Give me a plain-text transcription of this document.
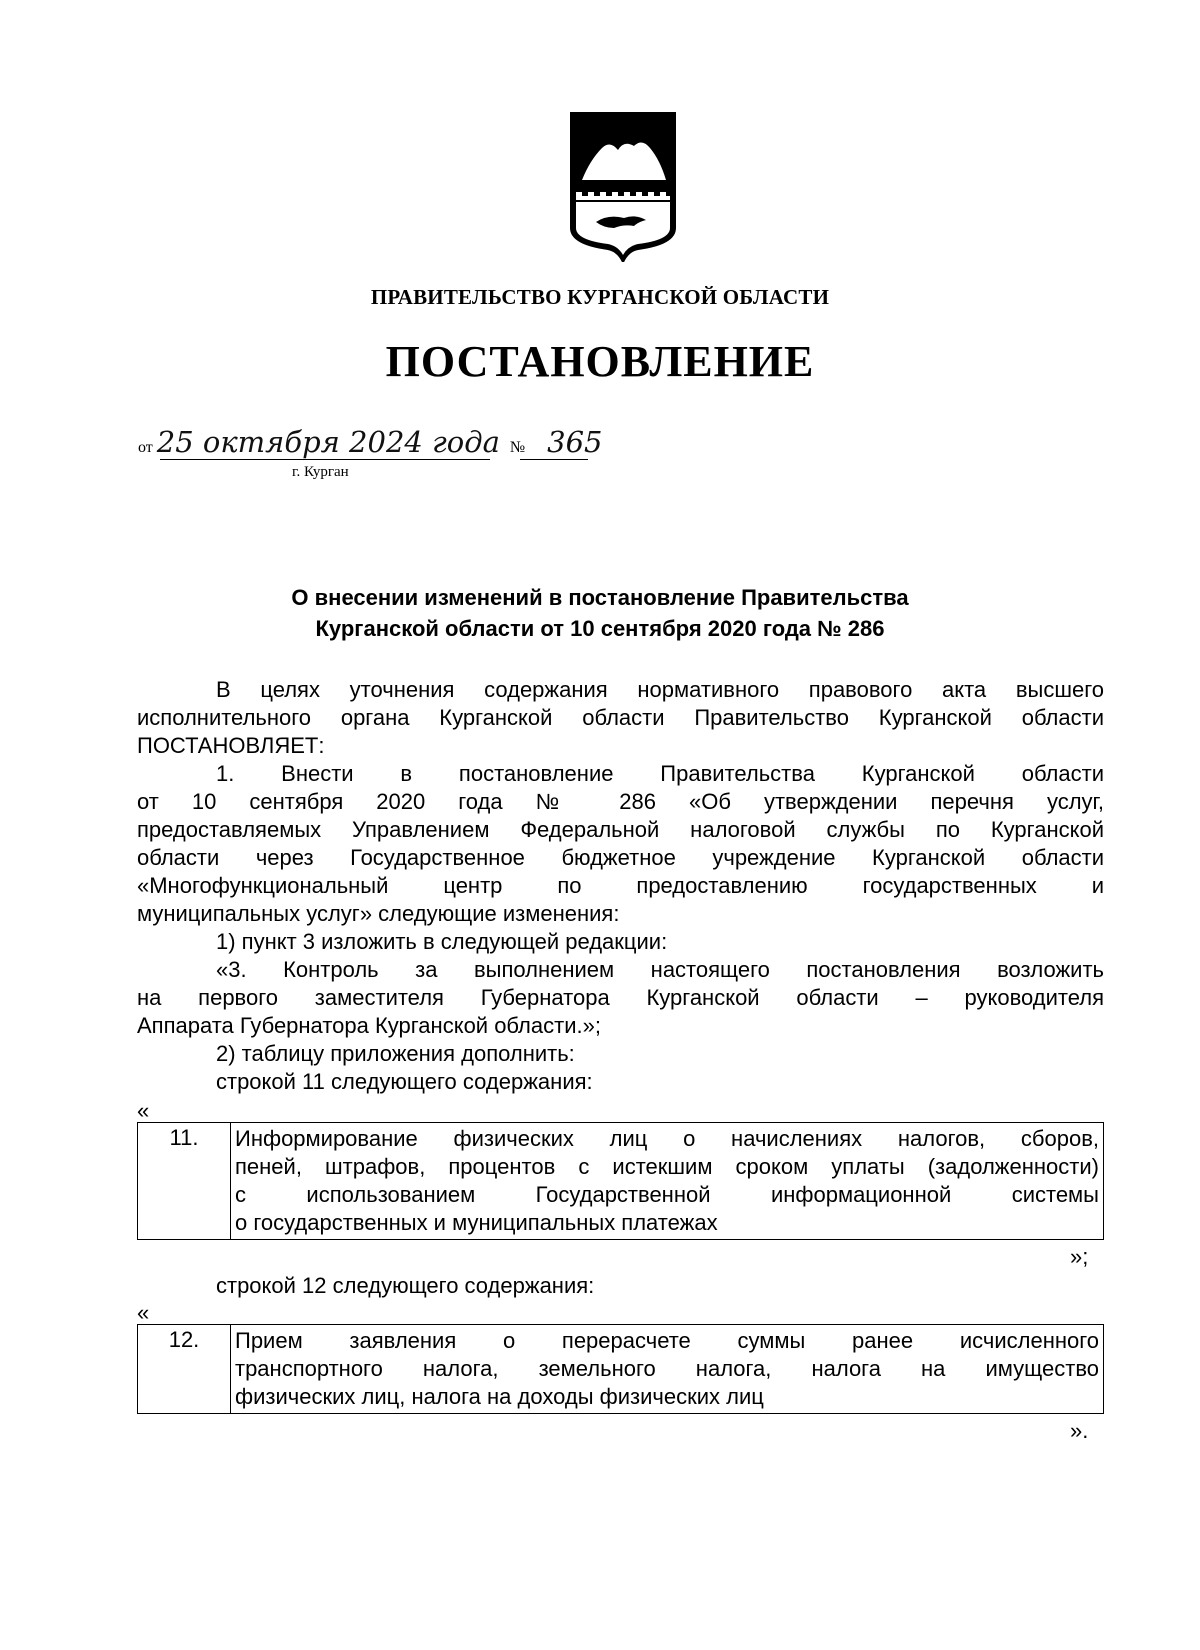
ПРАВИТЕЛЬСТВО КУРГАНСКОЙ ОБЛАСТИ
ПОСТАНОВЛЕНИЕ
от 25 октября 2024 года № 365
г. Курган
О внесении изменений в постановление Правительства
Курганской области от 10 сентября 2020 года № 286
В целях уточнения содержания нормативного правового акта высшего
исполнительного органа Курганской области Правительство Курганской области
ПОСТАНОВЛЯЕТ:
1. Внести в постановление Правительства Курганской области
от 10 сентября 2020 года № 286 «Об утверждении перечня услуг,
предоставляемых Управлением Федеральной налоговой службы по Курганской
области через Государственное бюджетное учреждение Курганской области
«Многофункциональный центр по предоставлению государственных и
муниципальных услуг» следующие изменения:
1) пункт 3 изложить в следующей редакции:
«3. Контроль за выполнением настоящего постановления возложить
на первого заместителя Губернатора Курганской области – руководителя
Аппарата Губернатора Курганской области.»;
2) таблицу приложения дополнить:
строкой 11 следующего содержания:
«
11.	Информирование физических лиц о начислениях налогов, сборов,
пеней, штрафов, процентов с истекшим сроком уплаты (задолженности)
с использованием Государственной информационной системы
о государственных и муниципальных платежах
»;
строкой 12 следующего содержания:
«
12.	Прием заявления о перерасчете суммы ранее исчисленного
транспортного налога, земельного налога, налога на имущество
физических лиц, налога на доходы физических лиц
».
